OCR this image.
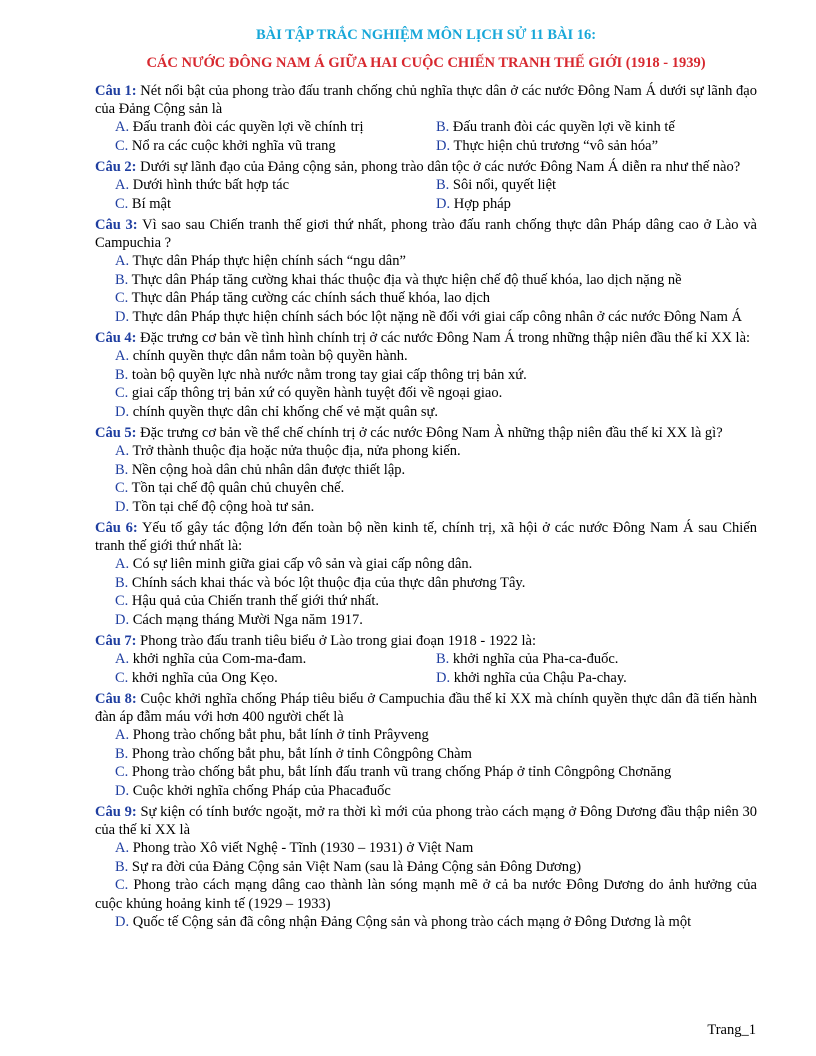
BÀI TẬP TRẮC NGHIỆM MÔN LỊCH SỬ 11 BÀI 16:
CÁC NƯỚC ĐÔNG NAM Á GIỮA HAI CUỘC CHIẾN TRANH THẾ GIỚI (1918 - 1939)
Câu 1: Nét nổi bật của phong trào đấu tranh chống chủ nghĩa thực dân ở các nước Đông Nam Á dưới sự lãnh đạo của Đảng Cộng sản là
A. Đấu tranh đòi các quyền lợi về chính trị	B. Đấu tranh đòi các quyền lợi về kinh tế
C. Nổ ra các cuộc khởi nghĩa vũ trang	D. Thực hiện chủ trương “vô sản hóa”
Câu 2: Dưới sự lãnh đạo của Đảng cộng sản, phong trào dân tộc ở các nước Đông Nam Á diễn ra như thế nào?
A. Dưới hình thức bất hợp tác	B. Sôi nổi, quyết liệt
C. Bí mật	D. Hợp pháp
Câu 3: Vì sao sau Chiến tranh thế giơi thứ nhất, phong trào đấu ranh chống thực dân Pháp dâng cao ở Lào và Campuchia ?
A. Thực dân Pháp thực hiện chính sách “ngu dân”
B. Thực dân Pháp tăng cường khai thác thuộc địa và thực hiện chế độ thuế khóa, lao dịch nặng nề
C. Thực dân Pháp tăng cường các chính sách thuế khóa, lao dịch
D. Thực dân Pháp thực hiện chính sách bóc lột nặng nề đối với giai cấp công nhân ở các nước Đông Nam Á
Câu 4: Đặc trưng cơ bản về tình hình chính trị ở các nước Đông Nam Á trong những thập niên đầu thế kỉ XX là:
A. chính quyền thực dân nắm toàn bộ quyền hành.
B. toàn bộ quyền lực nhà nước nằm trong tay giai cấp thông trị bản xứ.
C. giai cấp thông trị bản xứ có quyền hành tuyệt đối về ngoại giao.
D. chính quyền thực dân chỉ khống chế vẻ mặt quân sự.
Câu 5: Đặc trưng cơ bản về thể chế chính trị ở các nước Đông Nam À những thập niên đầu thế kỉ XX là gì?
A. Trở thành thuộc địa hoặc nửa thuộc địa, nửa phong kiến.
B. Nền cộng hoà dân chủ nhân dân được thiết lập.
C. Tồn tại chế độ quân chủ chuyên chế.
D. Tồn tại chế độ cộng hoà tư sản.
Câu 6: Yếu tố gây tác động lớn đến toàn bộ nền kinh tế, chính trị, xã hội ở các nước Đông Nam Á sau Chiến tranh thế giới thứ nhất là:
A. Có sự liên minh giữa giai cấp vô sản và giai cấp nông dân.
B. Chính sách khai thác và bóc lột thuộc địa của thực dân phương Tây.
C. Hậu quả của Chiến tranh thế giới thứ nhất.
D. Cách mạng tháng Mười Nga năm 1917.
Câu 7: Phong trào đấu tranh tiêu biểu ở Lào trong giai đoạn 1918 - 1922 là:
A. khởi nghĩa của Com-ma-đam.	B. khởi nghĩa của Pha-ca-đuốc.
C. khởi nghĩa của Ong Kẹo.	D. khởi nghĩa của Chậu Pa-chay.
Câu 8: Cuộc khởi nghĩa chống Pháp tiêu biểu ở Campuchia đầu thế kỉ XX mà chính quyền thực dân đã tiến hành đàn áp đẫm máu với hơn 400 người chết là
A. Phong trào chống bắt phu, bắt lính ở tỉnh Prâyveng
B. Phong trào chống bắt phu, bắt lính ở tỉnh Côngpông Chàm
C. Phong trào chống bắt phu, bắt lính đấu tranh vũ trang chống Pháp ở tỉnh Côngpông Chơnăng
D. Cuộc khởi nghĩa chống Pháp của Phacađuốc
Câu 9: Sự kiện có tính bước ngoặt, mở ra thời kì mới của phong trào cách mạng ở Đông Dương đầu thập niên 30 của thế kỉ XX là
A. Phong trào Xô viết Nghệ - Tĩnh (1930 – 1931) ở Việt Nam
B. Sự ra đời của Đảng Cộng sản Việt Nam (sau là Đảng Cộng sản Đông Dương)
C. Phong trào cách mạng dâng cao thành làn sóng mạnh mẽ ở cả ba nước Đông Dương do ảnh hưởng của cuộc khủng hoảng kinh tế (1929 – 1933)
D. Quốc tế Cộng sản đã công nhận Đảng Cộng sản và phong trào cách mạng ở Đông Dương là một
Trang_1
